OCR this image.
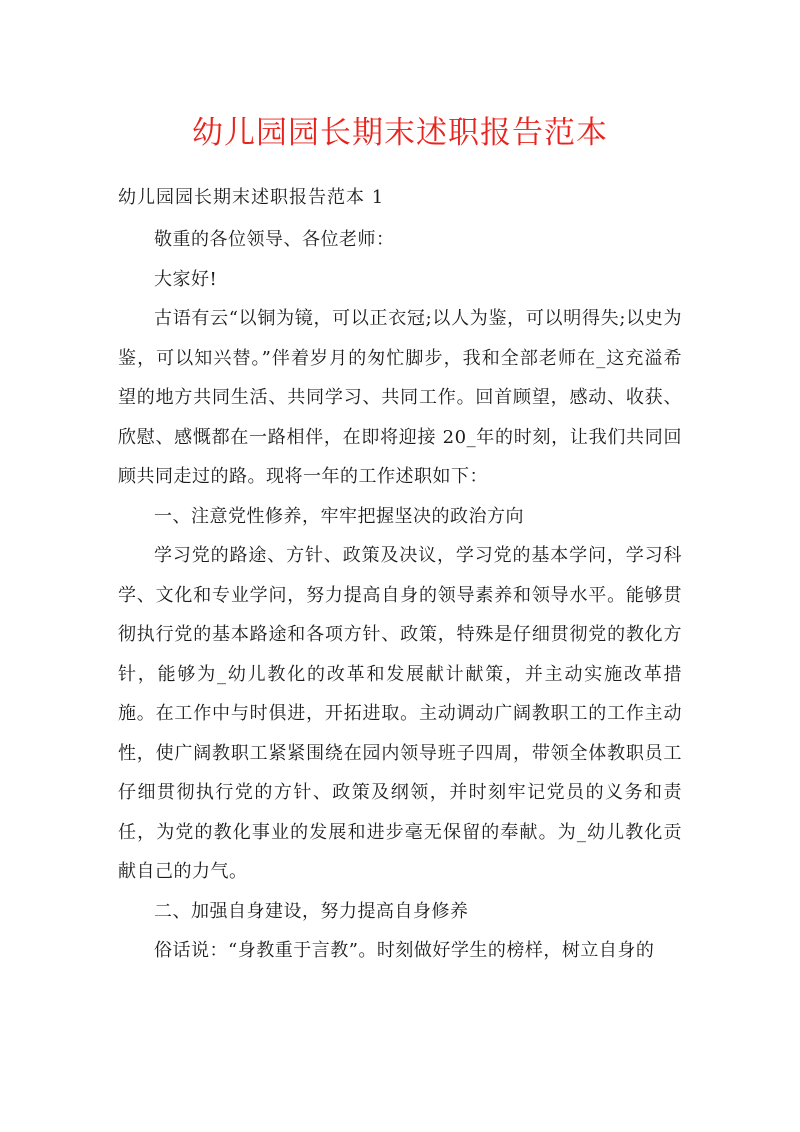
幼儿园园长期末述职报告范本

幼儿园园长期末述职报告范本 1

敬重的各位领导、各位老师：

大家好!

古语有云“以铜为镜，可以正衣冠;以人为鉴，可以明得失;以史为鉴，可以知兴替。”伴着岁月的匆忙脚步，我和全部老师在_这充溢希望的地方共同生活、共同学习、共同工作。回首顾望，感动、收获、欣慰、感慨都在一路相伴，在即将迎接 20_年的时刻，让我们共同回顾共同走过的路。现将一年的工作述职如下：

一、注意党性修养，牢牢把握坚决的政治方向

学习党的路途、方针、政策及决议，学习党的基本学问，学习科学、文化和专业学问，努力提高自身的领导素养和领导水平。能够贯彻执行党的基本路途和各项方针、政策，特殊是仔细贯彻党的教化方针，能够为_幼儿教化的改革和发展献计献策，并主动实施改革措施。在工作中与时俱进，开拓进取。主动调动广阔教职工的工作主动性，使广阔教职工紧紧围绕在园内领导班子四周，带领全体教职员工仔细贯彻执行党的方针、政策及纲领，并时刻牢记党员的义务和责任，为党的教化事业的发展和进步毫无保留的奉献。为_幼儿教化贡献自己的力气。

二、加强自身建设，努力提高自身修养

俗话说：“身教重于言教”。时刻做好学生的榜样，树立自身的
